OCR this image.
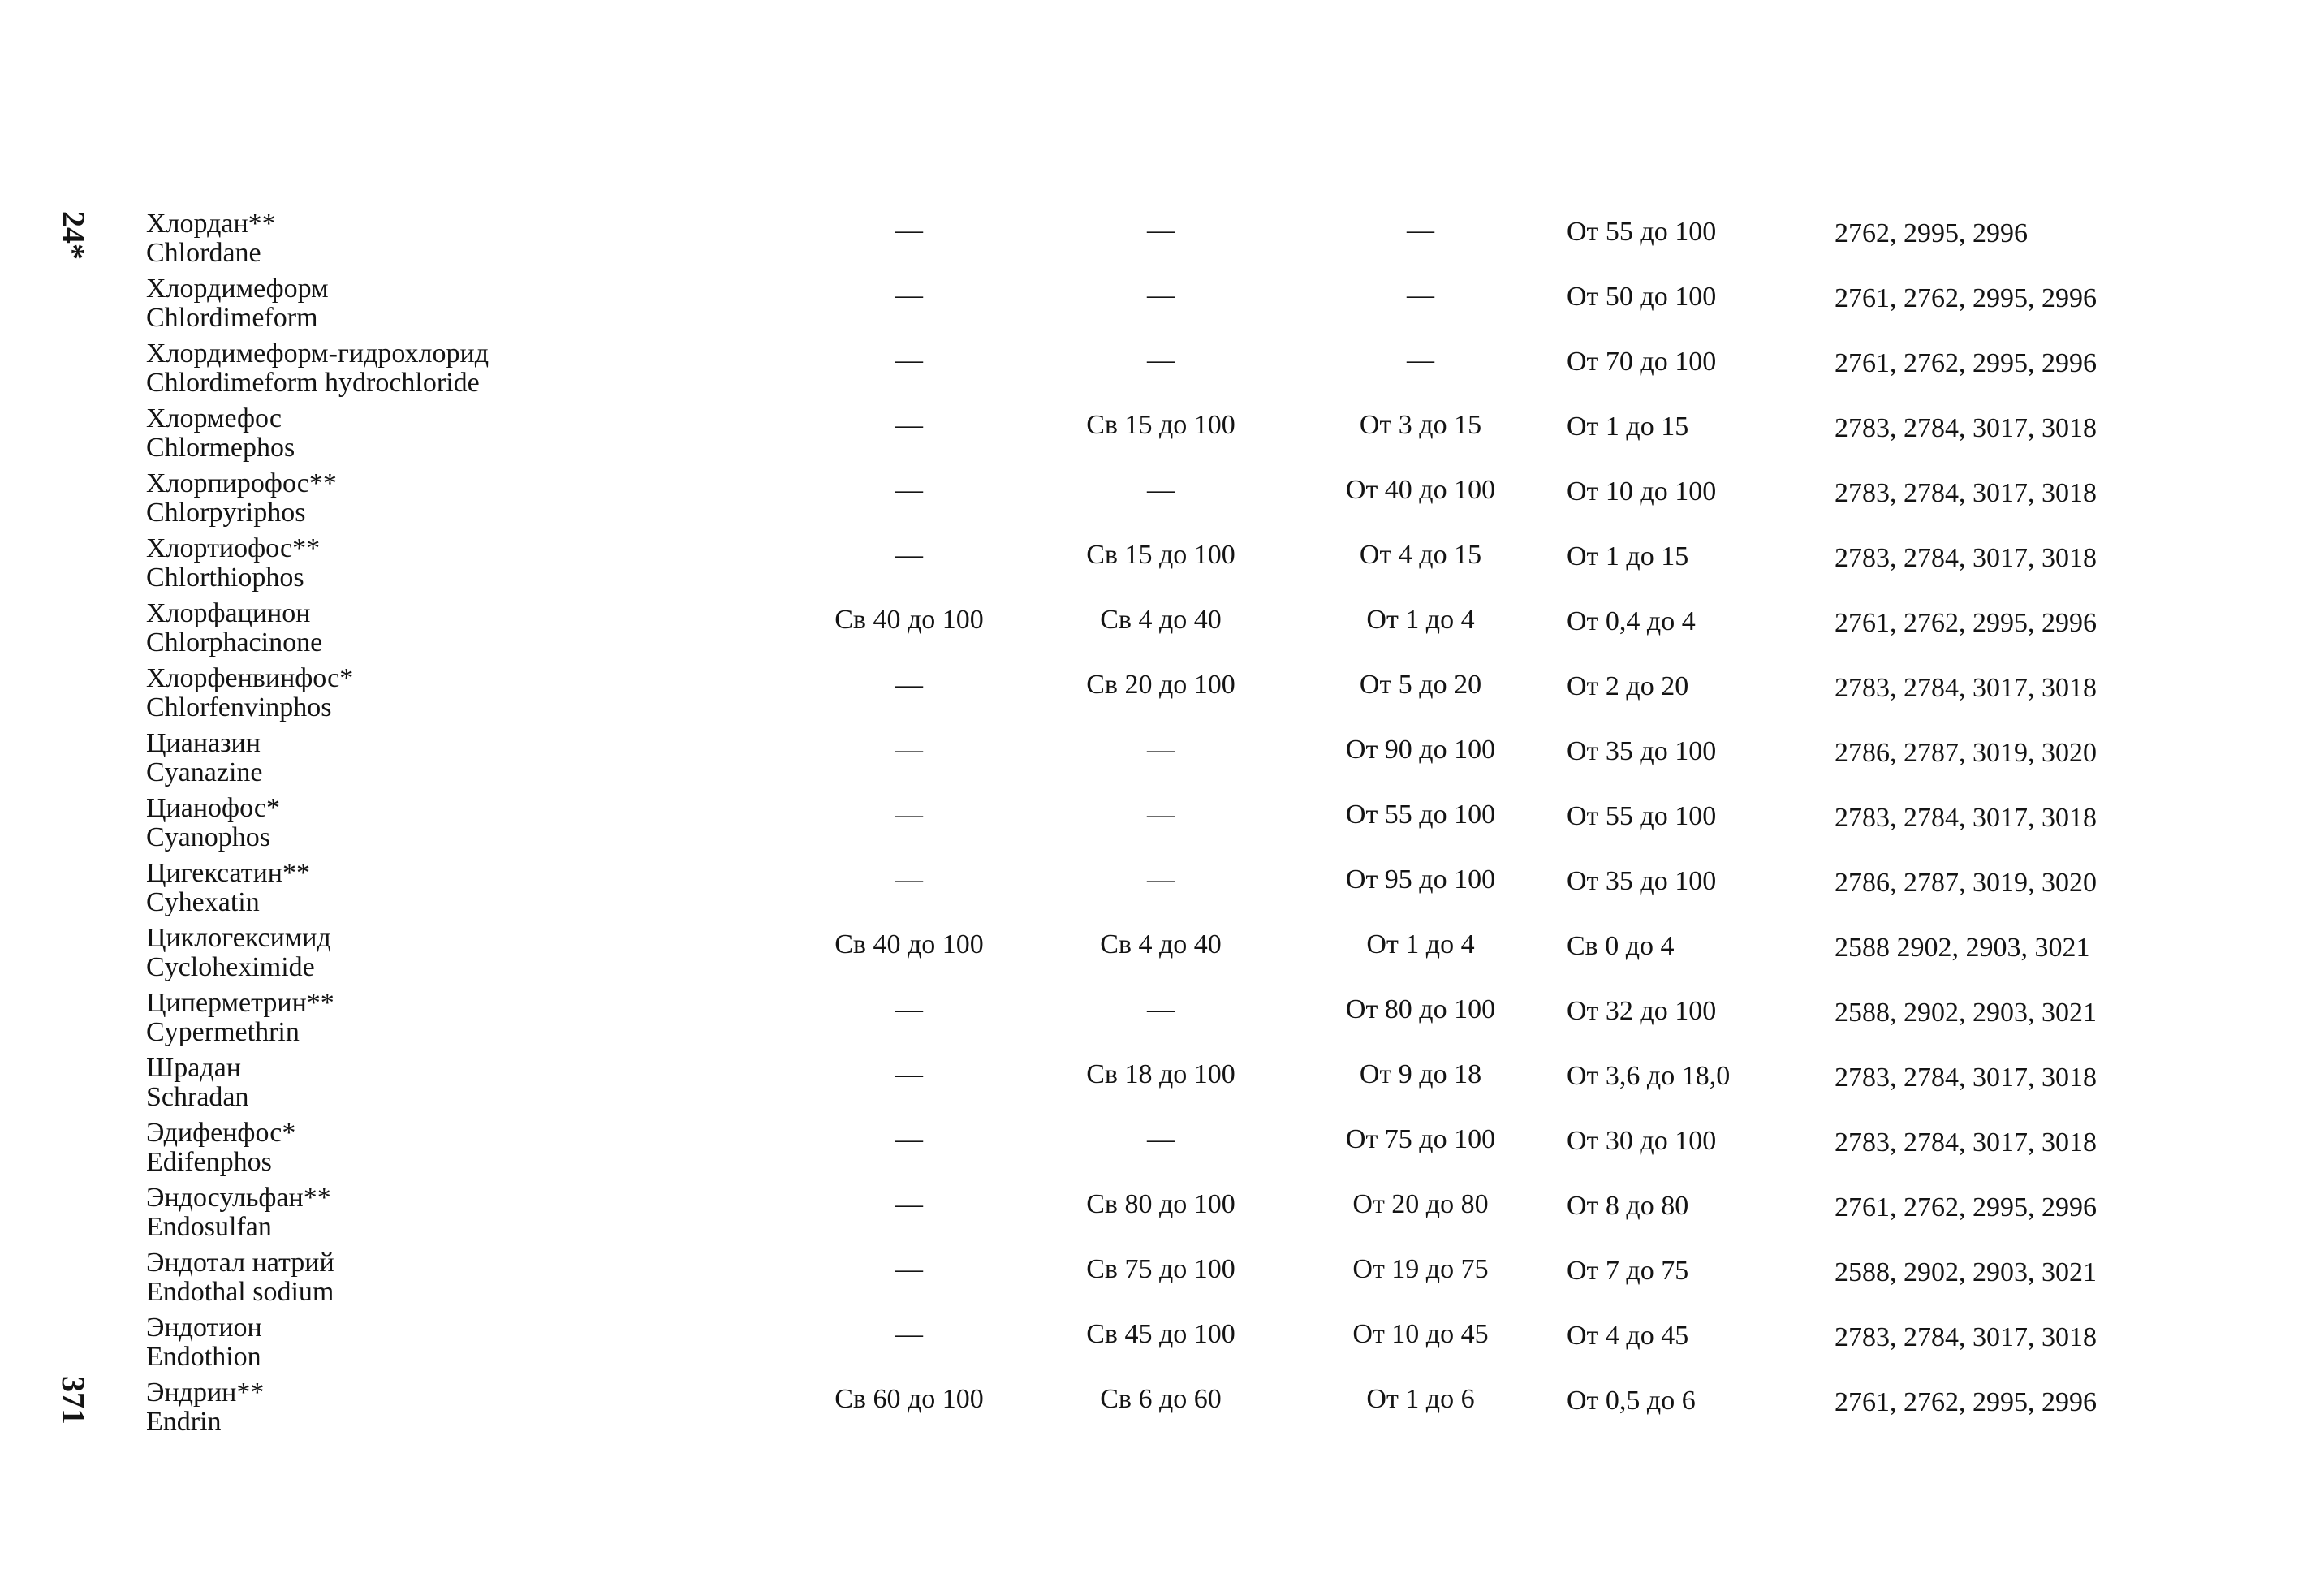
24*
371
Хлордан**
Chlordane
—	—	—	От 55 до 100	2762, 2995, 2996
Хлордимеформ
Chlordimeform
—	—	—	От 50 до 100	2761, 2762, 2995, 2996
Хлордимеформ-гидрохлорид
Chlordimeform hydrochloride
—	—	—	От 70 до 100	2761, 2762, 2995, 2996
Хлормефос
Chlormephos
—	Св 15 до 100	От 3 до 15	От 1 до 15	2783, 2784, 3017, 3018
Хлорпирофос**
Chlorpyriphos
—	—	От 40 до 100	От 10 до 100	2783, 2784, 3017, 3018
Хлортиофос**
Chlorthiophos
—	Св 15 до 100	От 4 до 15	От 1 до 15	2783, 2784, 3017, 3018
Хлорфацинон
Chlorphacinone
Св 40 до 100	Св 4 до 40	От 1 до 4	От 0,4 до 4	2761, 2762, 2995, 2996
Хлорфенвинфос*
Chlorfenvinphos
—	Св 20 до 100	От 5 до 20	От 2 до 20	2783, 2784, 3017, 3018
Цианазин
Cyanazine
—	—	От 90 до 100	От 35 до 100	2786, 2787, 3019, 3020
Цианофос*
Cyanophos
—	—	От 55 до 100	От 55 до 100	2783, 2784, 3017, 3018
Цигексатин**
Cyhexatin
—	—	От 95 до 100	От 35 до 100	2786, 2787, 3019, 3020
Циклогексимид
Cycloheximide
Св 40 до 100	Св 4 до 40	От 1 до 4	Св 0 до 4	2588 2902, 2903, 3021
Циперметрин**
Cypermethrin
—	—	От 80 до 100	От 32 до 100	2588, 2902, 2903, 3021
Шрадан
Schradan
—	Св 18 до 100	От 9 до 18	От 3,6 до 18,0	2783, 2784, 3017, 3018
Эдифенфос*
Edifenphos
—	—	От 75 до 100	От 30 до 100	2783, 2784, 3017, 3018
Эндосульфан**
Endosulfan
—	Св 80 до 100	От 20 до 80	От 8 до 80	2761, 2762, 2995, 2996
Эндотал натрий
Endothal sodium
—	Св 75 до 100	От 19 до 75	От 7 до 75	2588, 2902, 2903, 3021
Эндотион
Endothion
—	Св 45 до 100	От 10 до 45	От 4 до 45	2783, 2784, 3017, 3018
Эндрин**
Endrin
Св 60 до 100	Св 6 до 60	От 1 до 6	От 0,5 до 6	2761, 2762, 2995, 2996
